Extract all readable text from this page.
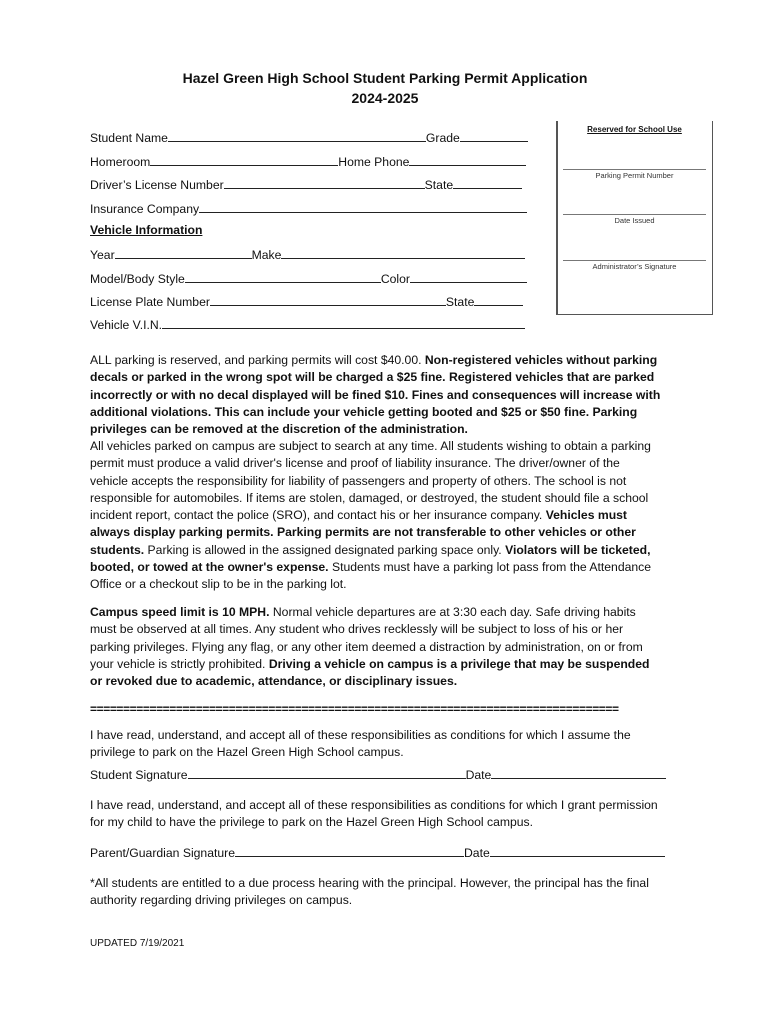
Hazel Green High School Student Parking Permit Application
2024-2025
Student Name	Grade
Homeroom	Home Phone
Driver’s License Number	State
Insurance Company
Vehicle Information
Year	Make
Model/Body Style	Color
License Plate Number	State
Vehicle V.I.N.
Reserved for School Use
Parking Permit Number
Date Issued
Administrator’s Signature
ALL parking is reserved, and parking permits will cost $40.00. Non-registered vehicles without parking
decals or parked in the wrong spot will be charged a $25 fine. Registered vehicles that are parked
incorrectly or with no decal displayed will be fined $10. Fines and consequences will increase with
additional violations. This can include your vehicle getting booted and $25 or $50 fine. Parking
privileges can be removed at the discretion of the administration.
All vehicles parked on campus are subject to search at any time. All students wishing to obtain a parking
permit must produce a valid driver's license and proof of liability insurance. The driver/owner of the
vehicle accepts the responsibility for liability of passengers and property of others. The school is not
responsible for automobiles. If items are stolen, damaged, or destroyed, the student should file a school
incident report, contact the police (SRO), and contact his or her insurance company. Vehicles must
always display parking permits. Parking permits are not transferable to other vehicles or other
students. Parking is allowed in the assigned designated parking space only. Violators will be ticketed,
booted, or towed at the owner's expense. Students must have a parking lot pass from the Attendance
Office or a checkout slip to be in the parking lot.
Campus speed limit is 10 MPH. Normal vehicle departures are at 3:30 each day. Safe driving habits
must be observed at all times. Any student who drives recklessly will be subject to loss of his or her
parking privileges. Flying any flag, or any other item deemed a distraction by administration, on or from
your vehicle is strictly prohibited. Driving a vehicle on campus is a privilege that may be suspended
or revoked due to academic, attendance, or disciplinary issues.
================================================================================
I have read, understand, and accept all of these responsibilities as conditions for which I assume the
privilege to park on the Hazel Green High School campus.
Student Signature	Date
I have read, understand, and accept all of these responsibilities as conditions for which I grant permission
for my child to have the privilege to park on the Hazel Green High School campus.
Parent/Guardian Signature	Date
*All students are entitled to a due process hearing with the principal. However, the principal has the final
authority regarding driving privileges on campus.
UPDATED 7/19/2021
